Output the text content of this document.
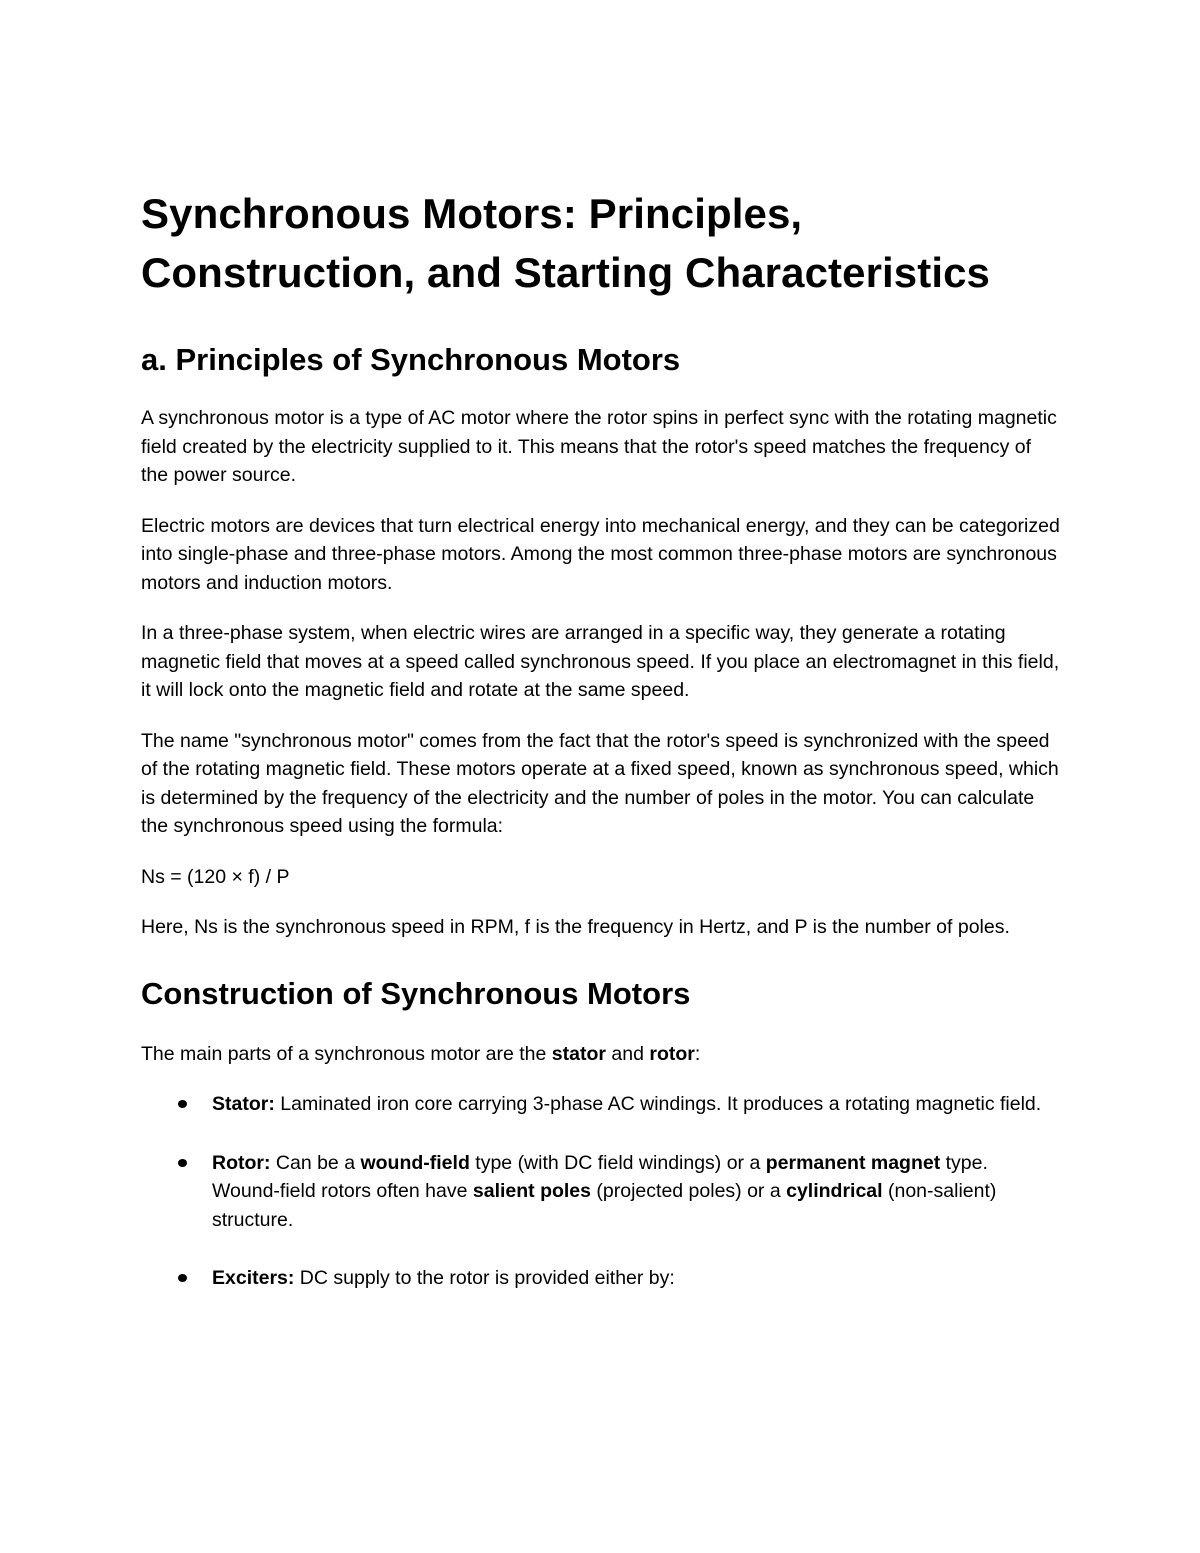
Synchronous Motors: Principles, Construction, and Starting Characteristics
a. Principles of Synchronous Motors

A synchronous motor is a type of AC motor where the rotor spins in perfect sync with the rotating magnetic field created by the electricity supplied to it. This means that the rotor's speed matches the frequency of the power source.

Electric motors are devices that turn electrical energy into mechanical energy, and they can be categorized into single-phase and three-phase motors. Among the most common three-phase motors are synchronous motors and induction motors.

In a three-phase system, when electric wires are arranged in a specific way, they generate a rotating magnetic field that moves at a speed called synchronous speed. If you place an electromagnet in this field, it will lock onto the magnetic field and rotate at the same speed.

The name "synchronous motor" comes from the fact that the rotor's speed is synchronized with the speed of the rotating magnetic field. These motors operate at a fixed speed, known as synchronous speed, which is determined by the frequency of the electricity and the number of poles in the motor. You can calculate the synchronous speed using the formula:

Ns = (120 × f) / P

Here, Ns is the synchronous speed in RPM, f is the frequency in Hertz, and P is the number of poles.

Construction of Synchronous Motors

The main parts of a synchronous motor are the stator and rotor:

Stator: Laminated iron core carrying 3-phase AC windings. It produces a rotating magnetic field.
Rotor: Can be a wound-field type (with DC field windings) or a permanent magnet type. Wound-field rotors often have salient poles (projected poles) or a cylindrical (non-salient) structure.
Exciters: DC supply to the rotor is provided either by:
